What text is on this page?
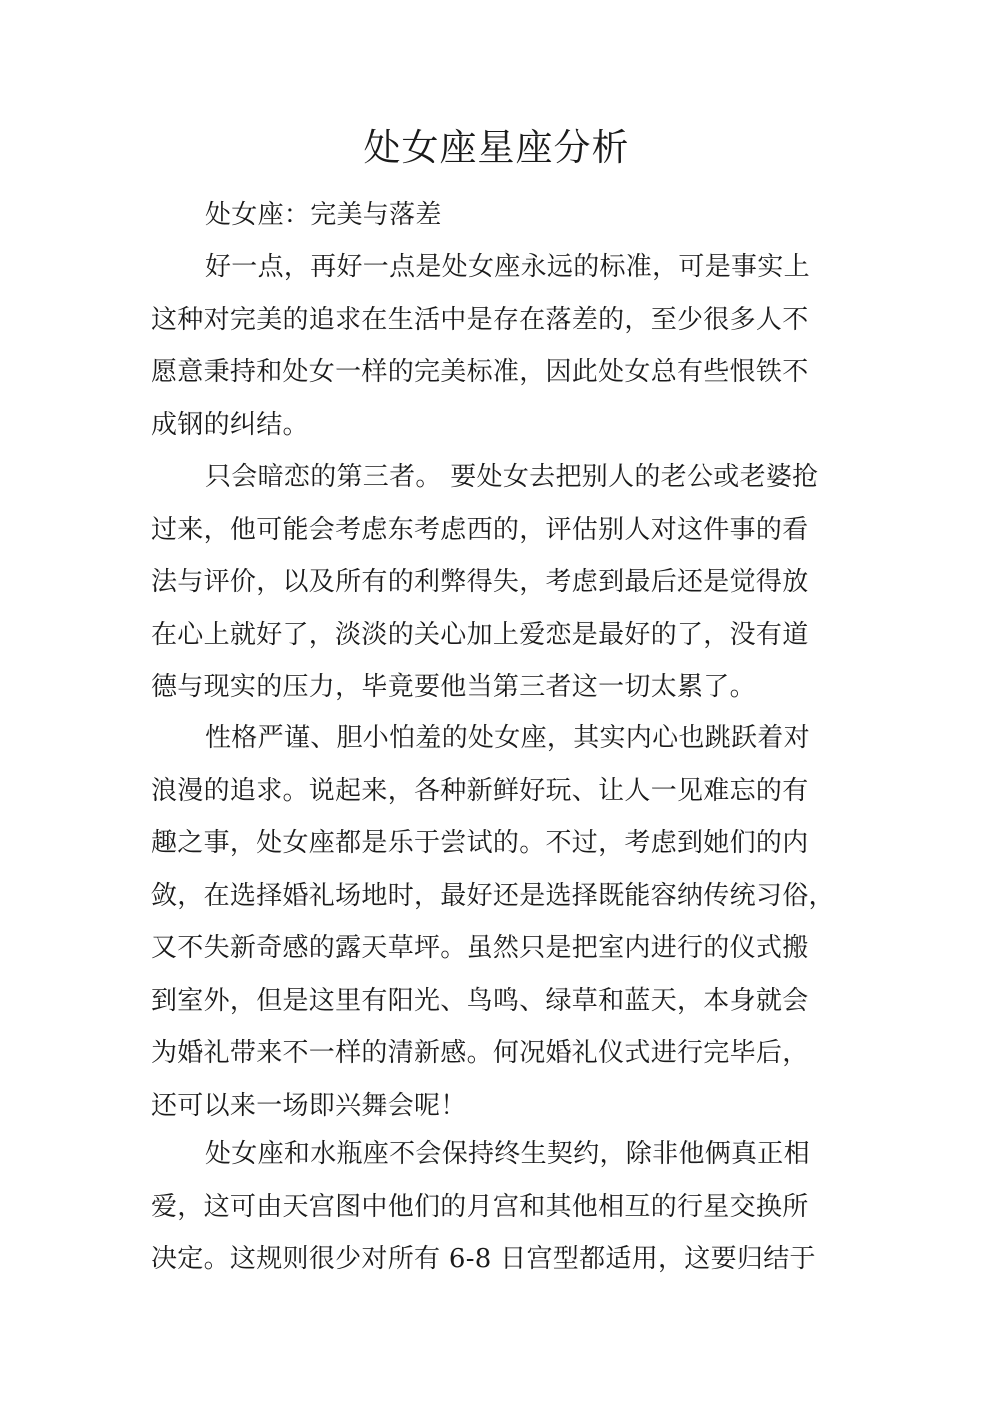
处女座星座分析

处女座：完美与落差

好一点，再好一点是处女座永远的标准，可是事实上
这种对完美的追求在生活中是存在落差的，至少很多人不
愿意秉持和处女一样的完美标准，因此处女总有些恨铁不
成钢的纠结。

只会暗恋的第三者。 要处女去把别人的老公或老婆抢
过来，他可能会考虑东考虑西的，评估别人对这件事的看
法与评价，以及所有的利弊得失，考虑到最后还是觉得放
在心上就好了，淡淡的关心加上爱恋是最好的了，没有道
德与现实的压力，毕竟要他当第三者这一切太累了。

性格严谨、胆小怕羞的处女座，其实内心也跳跃着对
浪漫的追求。说起来，各种新鲜好玩、让人一见难忘的有
趣之事，处女座都是乐于尝试的。不过，考虑到她们的内
敛，在选择婚礼场地时，最好还是选择既能容纳传统习俗，
又不失新奇感的露天草坪。虽然只是把室内进行的仪式搬
到室外，但是这里有阳光、鸟鸣、绿草和蓝天，本身就会
为婚礼带来不一样的清新感。何况婚礼仪式进行完毕后，
还可以来一场即兴舞会呢！

处女座和水瓶座不会保持终生契约，除非他俩真正相
爱，这可由天宫图中他们的月宫和其他相互的行星交换所
决定。这规则很少对所有 6-8 日宫型都适用，这要归结于
